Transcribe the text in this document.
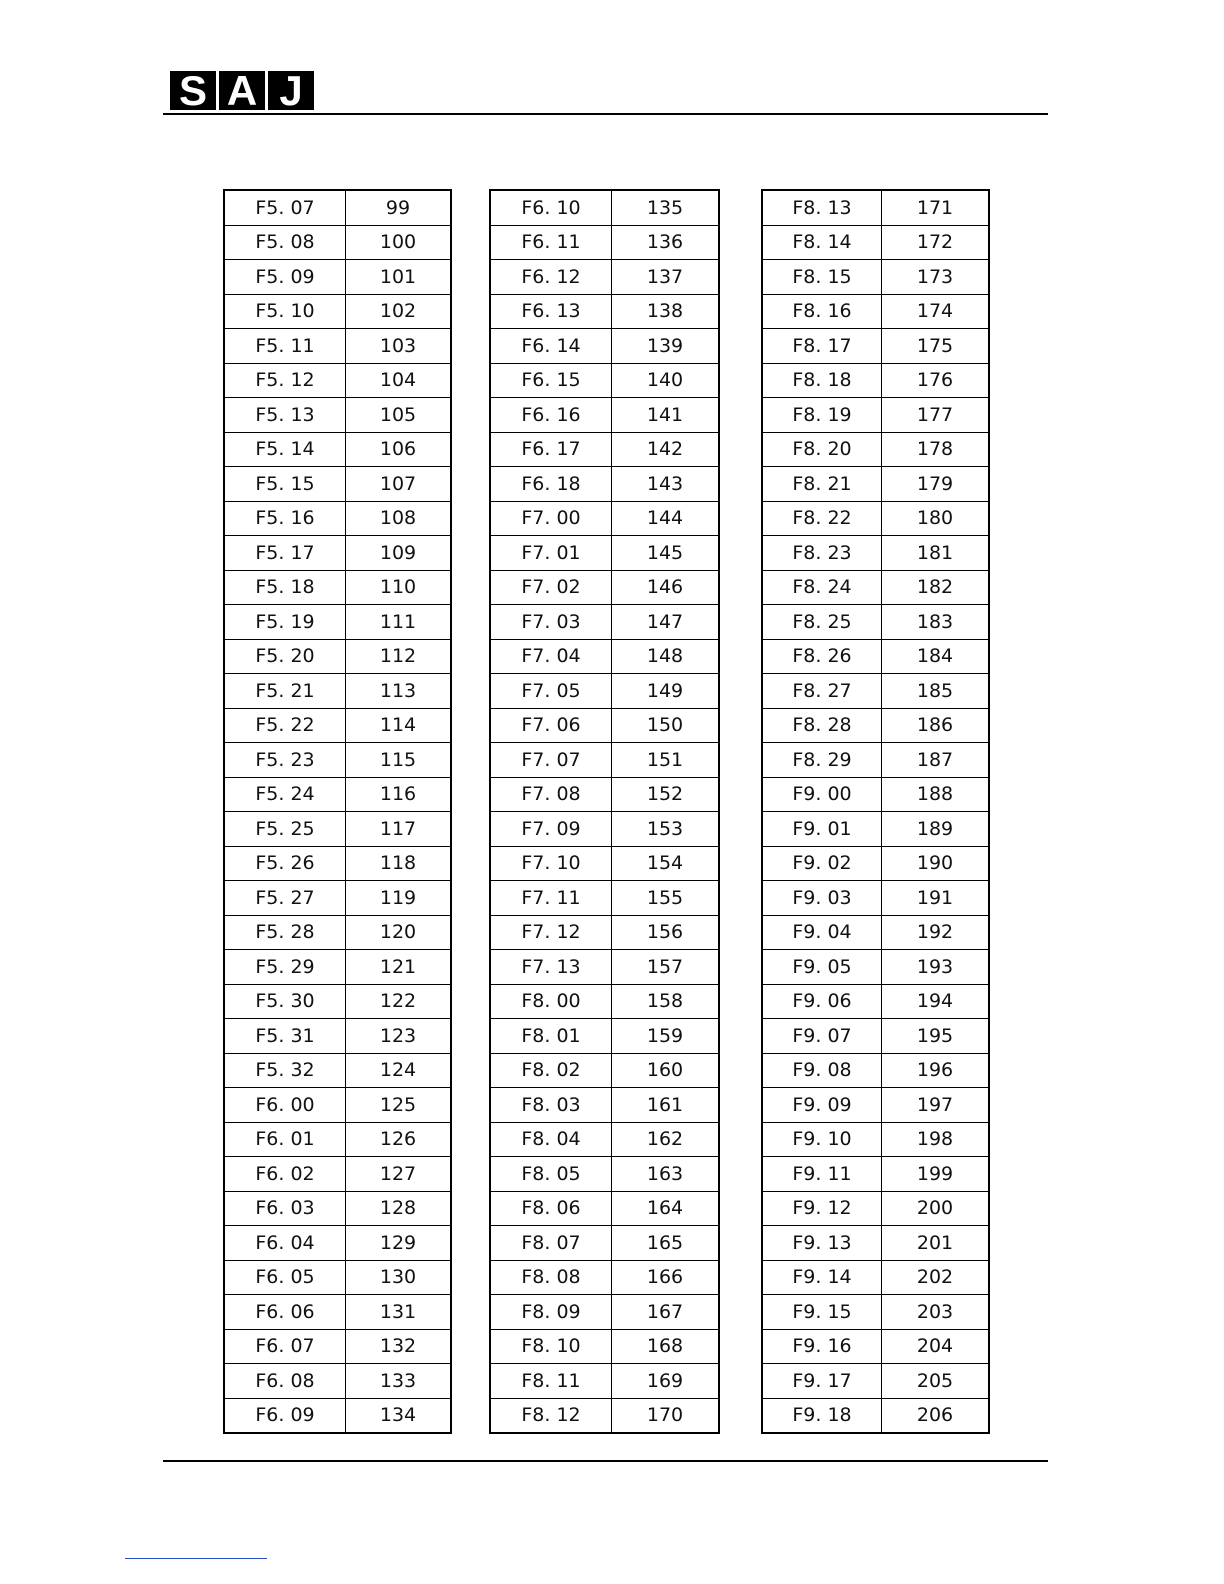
S A J
F5. 07	99
F5. 08	100
F5. 09	101
F5. 10	102
F5. 11	103
F5. 12	104
F5. 13	105
F5. 14	106
F5. 15	107
F5. 16	108
F5. 17	109
F5. 18	110
F5. 19	111
F5. 20	112
F5. 21	113
F5. 22	114
F5. 23	115
F5. 24	116
F5. 25	117
F5. 26	118
F5. 27	119
F5. 28	120
F5. 29	121
F5. 30	122
F5. 31	123
F5. 32	124
F6. 00	125
F6. 01	126
F6. 02	127
F6. 03	128
F6. 04	129
F6. 05	130
F6. 06	131
F6. 07	132
F6. 08	133
F6. 09	134
F6. 10	135
F6. 11	136
F6. 12	137
F6. 13	138
F6. 14	139
F6. 15	140
F6. 16	141
F6. 17	142
F6. 18	143
F7. 00	144
F7. 01	145
F7. 02	146
F7. 03	147
F7. 04	148
F7. 05	149
F7. 06	150
F7. 07	151
F7. 08	152
F7. 09	153
F7. 10	154
F7. 11	155
F7. 12	156
F7. 13	157
F8. 00	158
F8. 01	159
F8. 02	160
F8. 03	161
F8. 04	162
F8. 05	163
F8. 06	164
F8. 07	165
F8. 08	166
F8. 09	167
F8. 10	168
F8. 11	169
F8. 12	170
F8. 13	171
F8. 14	172
F8. 15	173
F8. 16	174
F8. 17	175
F8. 18	176
F8. 19	177
F8. 20	178
F8. 21	179
F8. 22	180
F8. 23	181
F8. 24	182
F8. 25	183
F8. 26	184
F8. 27	185
F8. 28	186
F8. 29	187
F9. 00	188
F9. 01	189
F9. 02	190
F9. 03	191
F9. 04	192
F9. 05	193
F9. 06	194
F9. 07	195
F9. 08	196
F9. 09	197
F9. 10	198
F9. 11	199
F9. 12	200
F9. 13	201
F9. 14	202
F9. 15	203
F9. 16	204
F9. 17	205
F9. 18	206
